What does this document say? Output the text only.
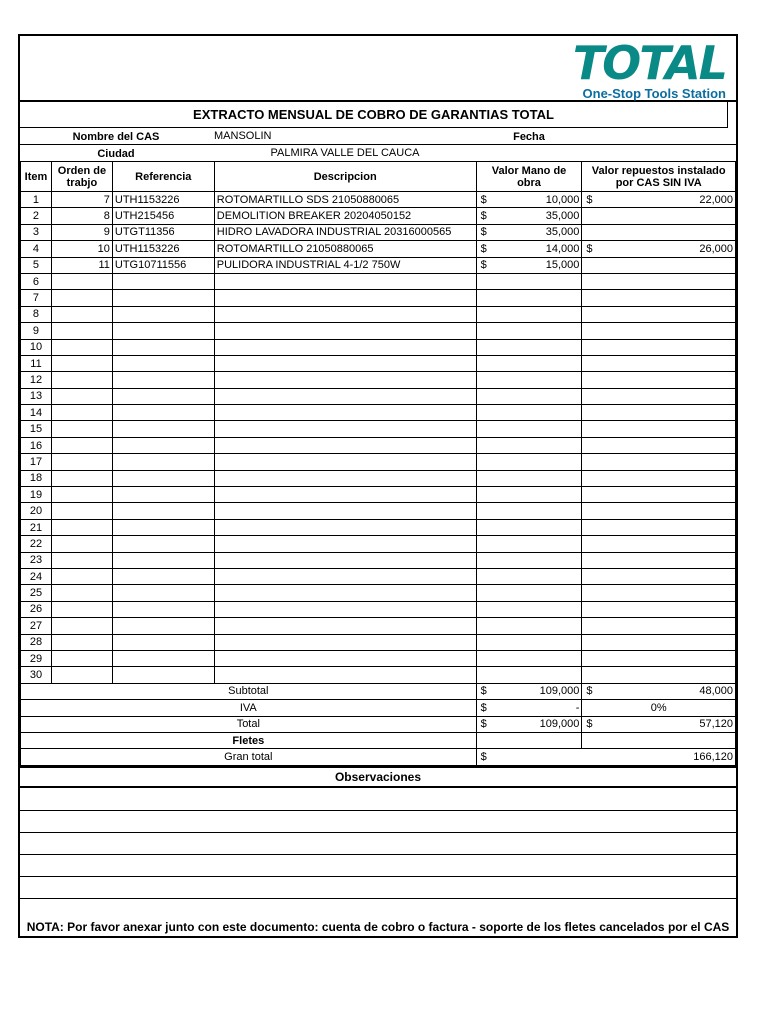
TOTAL
One-Stop Tools Station
EXTRACTO MENSUAL DE COBRO DE GARANTIAS TOTAL
Nombre del CAS	MANSOLIN	Fecha
Ciudad	PALMIRA VALLE DEL CAUCA
Item	Orden de trabjo	Referencia	Descripcion	Valor Mano de obra	Valor repuestos instalado por CAS SIN IVA
1	7	UTH1153226	ROTOMARTILLO SDS 21050880065	$ 10,000	$ 22,000

2	8	UTH215456	DEMOLITION BREAKER 20204050152	$ 35,000	

3	9	UTGT11356	HIDRO LAVADORA INDUSTRIAL 20316000565	$ 35,000	

4	10	UTH1153226	ROTOMARTILLO 21050880065	$ 14,000	$ 26,000

5	11	UTG10711556	PULIDORA INDUSTRIAL 4-1/2 750W	$ 15,000	

6					
7					
8					
9					
10					
11					
12					
13					
14					
15					
16					
17					
18					
19					
20					
21					
22					
23					
24					
25					
26					
27					
28					
29					
30					
Subtotal				$ 109,000	$ 48,000

IVA				$ -	0%
Total				$ 109,000	$ 57,120

Fletes					
Gran total				$ 166,120	
Observaciones
NOTA: Por favor anexar junto con este documento: cuenta de cobro o factura - soporte de los fletes cancelados por el CAS
